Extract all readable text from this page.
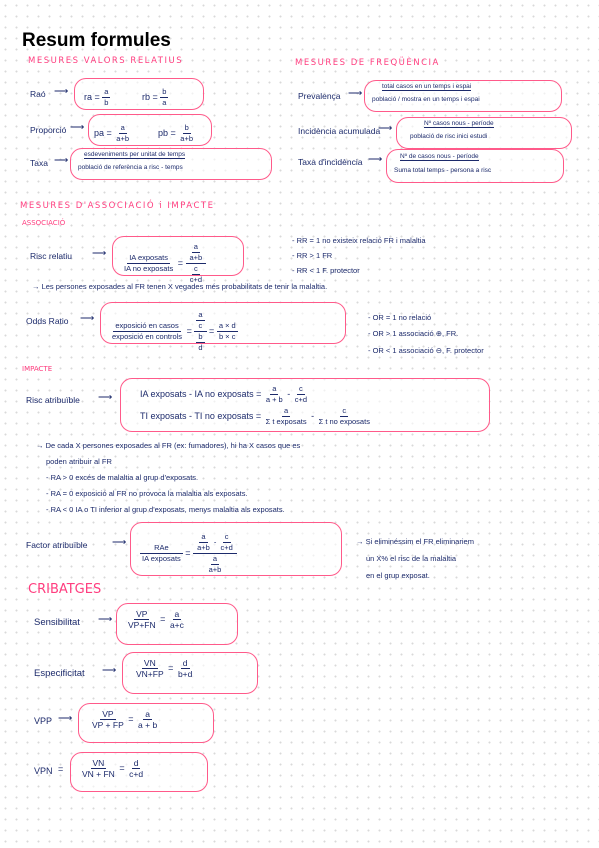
Resum formules
MESURES VALORS RELATIUS	MESURES DE FREQÜÈNCIA
Raó ⟶ ra = $\frac{a}{b}$	rb = $\frac{b}{a}$
Proporció ⟶ pa = $\frac{a}{a+b}$	pb = $\frac{b}{a+b}$
Taxa ⟶
esdeveniments per unitat de temps
població de referència a risc - temps
Prevalença ⟶
total casos en un temps i espai
població / mostra en un temps i espai
Incidència acumulada
⟶	Nº casos nous - període
població de risc inici estudi
Taxa d'incidència ⟶	Nº de casos nous - període
Suma total temps - persona a risc
MESURES D'ASSOCIACIÓ i IMPACTE
ASSOCIACIÓ
Risc relatiu ⟶ $\frac{\text{IA exposats}}{\text{IA no exposats}} = \frac{\frac{a}{a+b}}{\frac{c}{c+d}}$
- RR = 1 no existeix relació FR i malaltia
- RR > 1 FR
- RR < 1 F. protector
→ Les persones exposades al FR tenen X vegades més probabilitats de tenir la malaltia.
Odds Ratio ⟶
$\frac{\text{exposició en casos}}{\text{exposició en controls}} = \frac{\frac{a}{c}}{\frac{b}{d}} = \frac{a \times d}{b \times c}$
- OR = 1 no relació
- OR > 1 associació ⊕, FR.
- OR < 1 associació ⊖, F. protector
IMPACTE
Risc atribuïble ⟶	IA exposats - IA no exposats = $\frac{a}{a + b} - \frac{c}{c+d}$
TI exposats - TI no exposats = $\frac{a}{\text{Σ t exposats}} - \frac{c}{\text{Σ t no exposats}}$
→ De cada X persones exposades al FR (ex: fumadores), hi ha X casos que es
poden atribuir al FR
- RA > 0 excés de malaltia al grup d'exposats.
- RA = 0 exposició al FR no provoca la malaltia als exposats.
- RA < 0 IA o TI inferior al grup d'exposats, menys malaltia als exposats.
Factor atribuïble ⟶
$\frac{\text{RAe}}{\text{IA exposats}} = \frac{\frac{a}{a+b} - \frac{c}{c+d}}{\frac{a}{a+b}}$	→ Si eliminéssim el FR eliminariem
un X% el risc de la malaltia
en el grup exposat.
CRIBATGES
Sensibilitat ⟶ $\frac{VP}{VP+FN} = \frac{a}{a+c}$
Especificitat ⟶ $\frac{VN}{VN+FP} = \frac{d}{b+d}$
VPP ⟶ $\frac{VP}{VP + FP} = \frac{a}{a + b}$
VPN = $\frac{VN}{VN + FN} = \frac{d}{c+d}$
